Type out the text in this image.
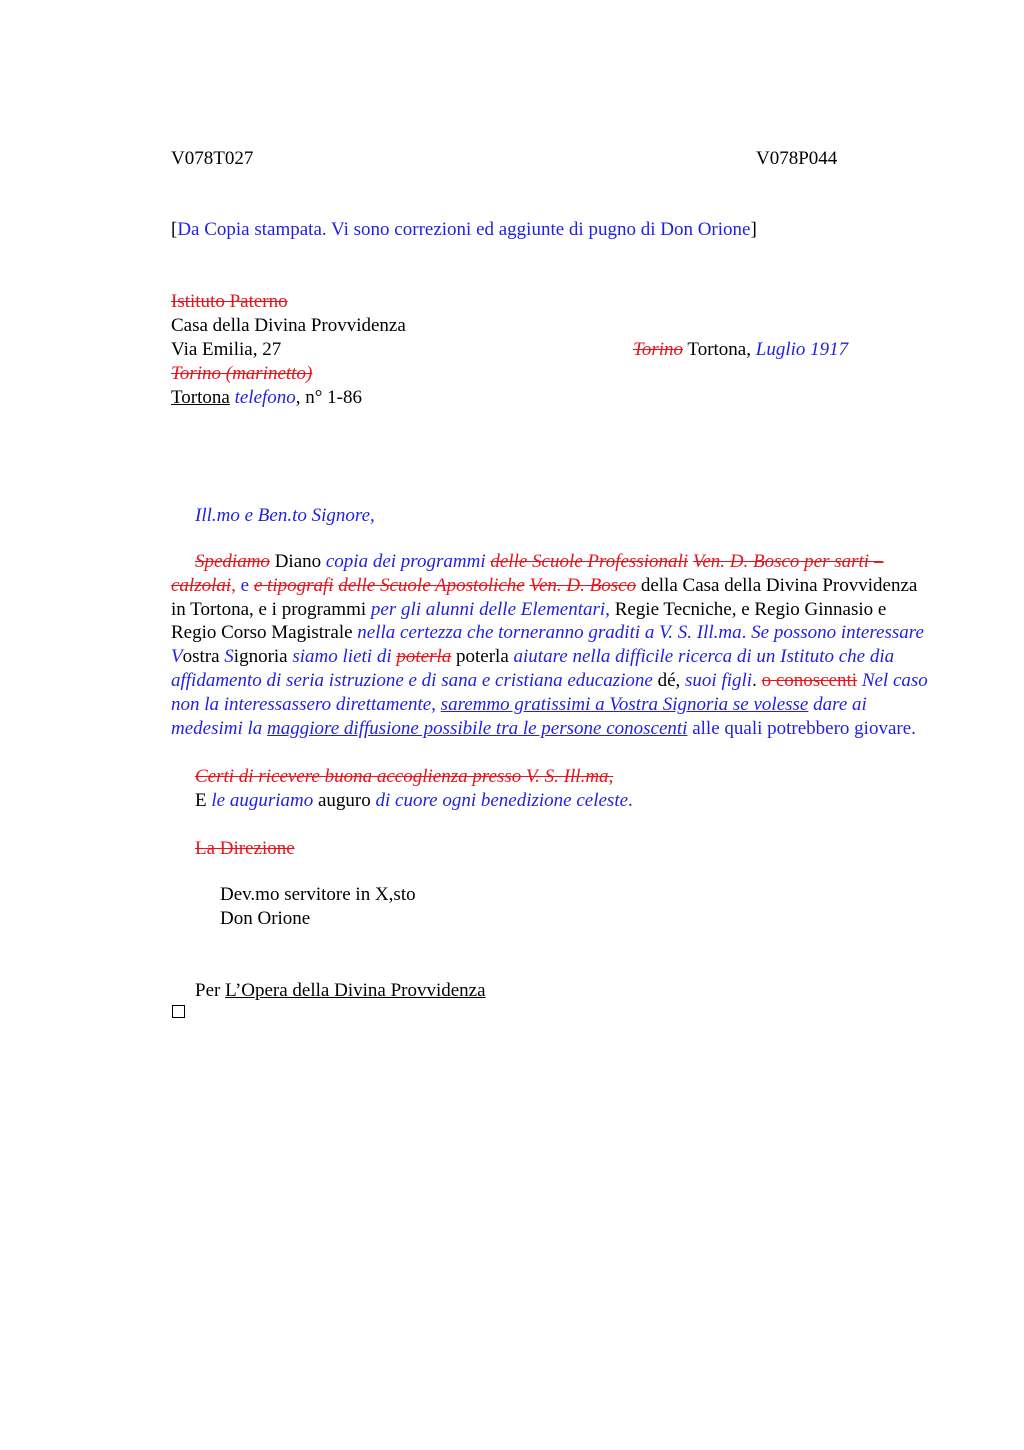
V078T027	V078P044
[Da Copia stampata. Vi sono correzioni ed aggiunte di pugno di Don Orione]
Istituto Paterno
Casa della Divina Provvidenza
Via Emilia, 27
Torino (marinetto)
Tortona telefono, n° 1-86
Torino Tortona, Luglio 1917
Ill.mo e Ben.to Signore,
Spediamo Diano copia dei programmi delle Scuole Professionali Ven. D. Bosco per sarti – calzolai, e e tipografi delle Scuole Apostoliche Ven. D. Bosco della Casa della Divina Provvidenza in Tortona, e i programmi per gli alunni delle Elementari, Regie Tecniche, e Regio Ginnasio e Regio Corso Magistrale nella certezza che torneranno graditi a V. S. Ill.ma. Se possono interessare Vostra Signoria siamo lieti di poterla poterla aiutare nella difficile ricerca di un Istituto che dia affidamento di seria istruzione e di sana e cristiana educazione dé, suoi figli. o conoscenti Nel caso non la interessassero direttamente, saremmo gratissimi a Vostra Signoria se volesse dare ai medesimi la maggiore diffusione possibile tra le persone conoscenti alle quali potrebbero giovare.
Certi di ricevere buona accoglienza presso V. S. Ill.ma,
E le auguriamo auguro di cuore ogni benedizione celeste.
La Direzione
Dev.mo servitore in X,sto
Don Orione
Per L’Opera della Divina Provvidenza
